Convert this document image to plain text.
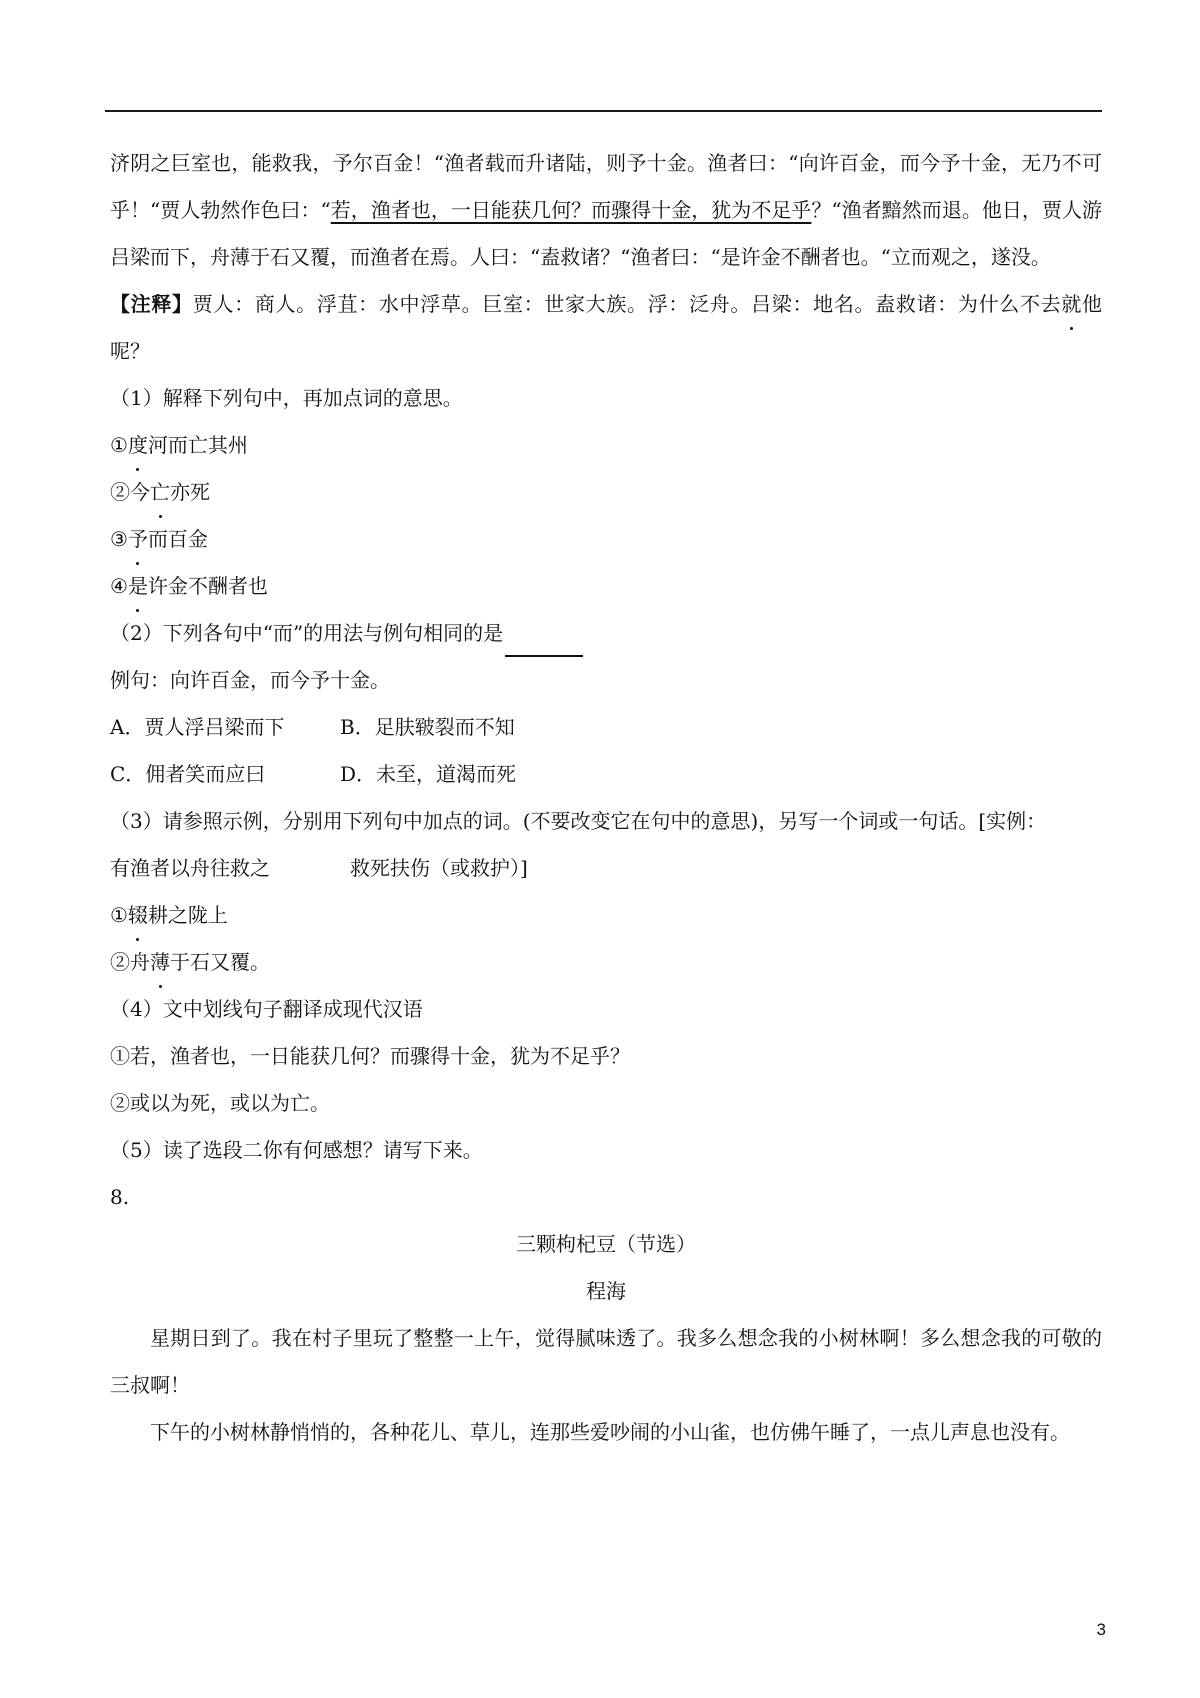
济阴之巨室也，能救我，予尔百金！“渔者载而升诸陆，则予十金。渔者曰：“向许百金，而今予十金，无乃不可乎！“贾人勃然作色曰：“若，渔者也，一日能获几何？而骤得十金，犹为不足乎？“渔者黯然而退。他日，贾人游吕梁而下，舟薄于石又覆，而渔者在焉。人曰：“盍救诸？“渔者曰：“是许金不酬者也。“立而观之，遂没。

【注释】贾人：商人。浮苴：水中浮草。巨室：世家大族。浮：泛舟。吕梁：地名。盍救诸：为什么不去就他呢？

（1）解释下列句中，再加点词的意思。

①度河而亡其州

②今亡亦死

③予而百金

④是许金不酬者也

（2）下列各句中“而”的用法与例句相同的是

例句：向许百金，而今予十金。

A．贾人浮吕梁而下	B．足肤皲裂而不知
C．佣者笑而应曰	D．未至，道渴而死

（3）请参照示例，分别用下列句中加点的词。(不要改变它在句中的意思)，另写一个词或一句话。[实例：

有渔者以舟往救之	救死扶伤（或救护）]

①辍耕之陇上

②舟薄于石又覆。

（4）文中划线句子翻译成现代汉语

①若，渔者也，一日能获几何？而骤得十金，犹为不足乎？

②或以为死，或以为亡。

（5）读了选段二你有何感想？请写下来。

8.

三颗枸杞豆（节选）

程海

星期日到了。我在村子里玩了整整一上午，觉得腻味透了。我多么想念我的小树林啊！多么想念我的可敬的三叔啊！

下午的小树林静悄悄的，各种花儿、草儿，连那些爱吵闹的小山雀，也仿佛午睡了，一点儿声息也没有。

3
